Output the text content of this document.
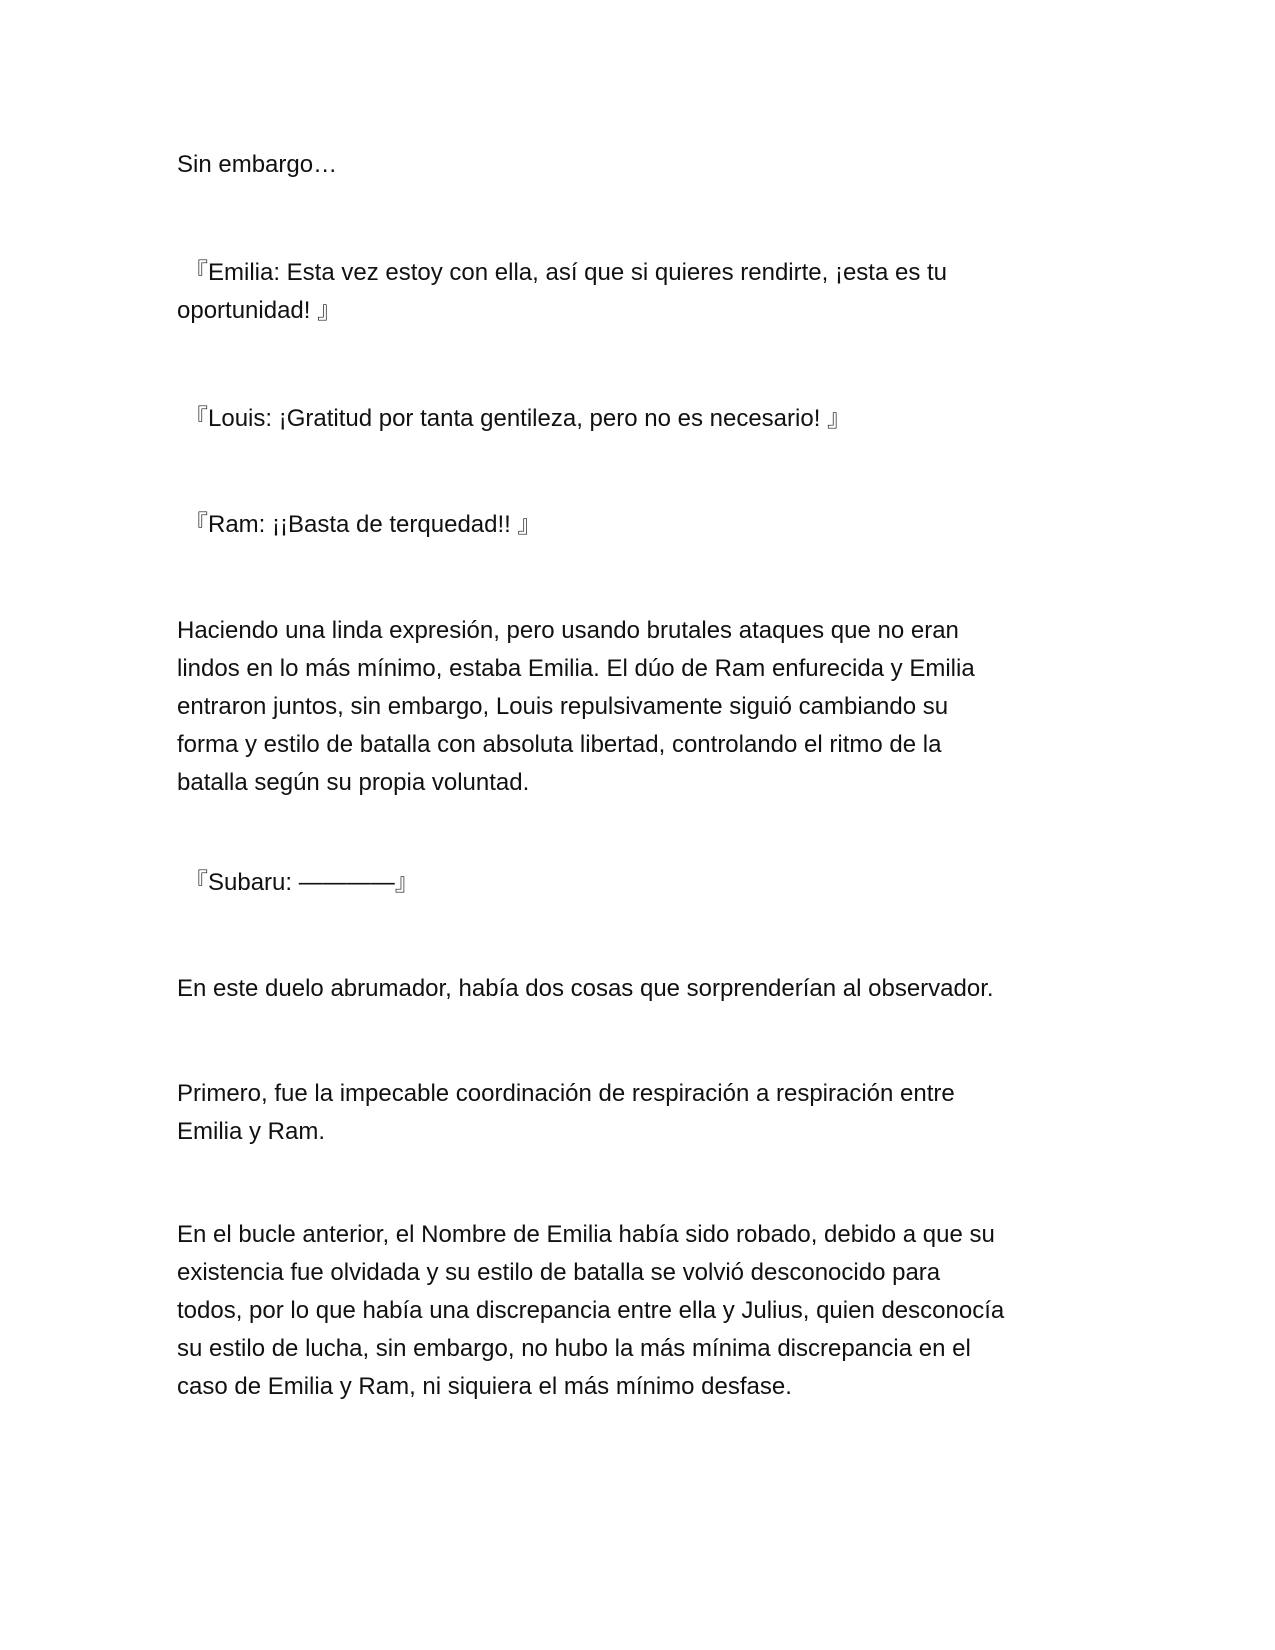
Sin embargo…

『Emilia: Esta vez estoy con ella, así que si quieres rendirte, ¡esta es tu
oportunidad! 』

『Louis: ¡Gratitud por tanta gentileza, pero no es necesario! 』

『Ram: ¡¡Basta de terquedad!! 』

Haciendo una linda expresión, pero usando brutales ataques que no eran
lindos en lo más mínimo, estaba Emilia. El dúo de Ram enfurecida y Emilia
entraron juntos, sin embargo, Louis repulsivamente siguió cambiando su
forma y estilo de batalla con absoluta libertad, controlando el ritmo de la
batalla según su propia voluntad.

『Subaru: ————』

En este duelo abrumador, había dos cosas que sorprenderían al observador.

Primero, fue la impecable coordinación de respiración a respiración entre
Emilia y Ram.

En el bucle anterior, el Nombre de Emilia había sido robado, debido a que su
existencia fue olvidada y su estilo de batalla se volvió desconocido para
todos, por lo que había una discrepancia entre ella y Julius, quien desconocía
su estilo de lucha, sin embargo, no hubo la más mínima discrepancia en el
caso de Emilia y Ram, ni siquiera el más mínimo desfase.
